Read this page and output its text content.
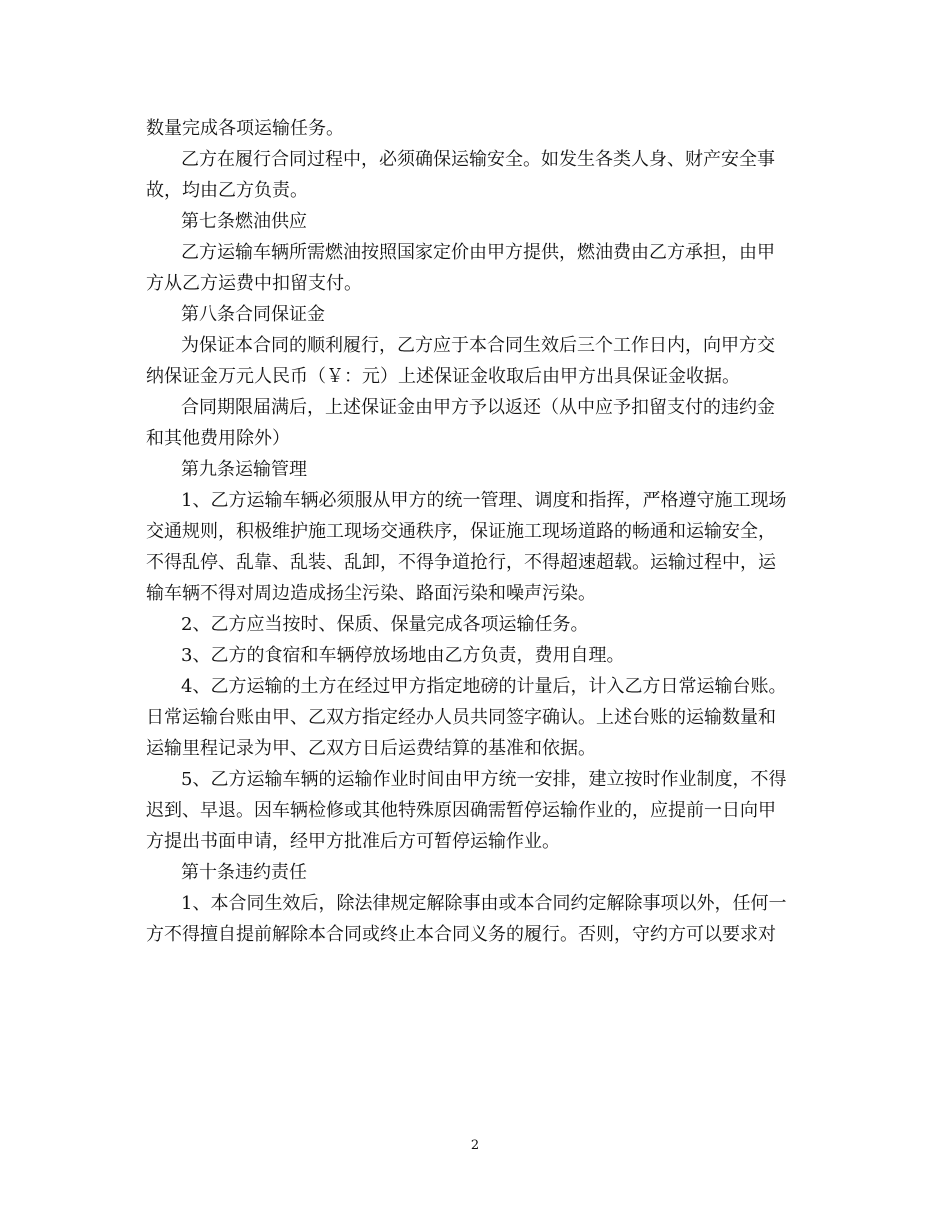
数量完成各项运输任务。
乙方在履行合同过程中，必须确保运输安全。如发生各类人身、财产安全事
故，均由乙方负责。
第七条燃油供应
乙方运输车辆所需燃油按照国家定价由甲方提供，燃油费由乙方承担，由甲
方从乙方运费中扣留支付。
第八条合同保证金
为保证本合同的顺利履行，乙方应于本合同生效后三个工作日内，向甲方交
纳保证金万元人民币（￥：元）上述保证金收取后由甲方出具保证金收据。
合同期限届满后，上述保证金由甲方予以返还（从中应予扣留支付的违约金
和其他费用除外）
第九条运输管理
1、乙方运输车辆必须服从甲方的统一管理、调度和指挥，严格遵守施工现场
交通规则，积极维护施工现场交通秩序，保证施工现场道路的畅通和运输安全，
不得乱停、乱靠、乱装、乱卸，不得争道抢行，不得超速超载。运输过程中，运
输车辆不得对周边造成扬尘污染、路面污染和噪声污染。
2、乙方应当按时、保质、保量完成各项运输任务。
3、乙方的食宿和车辆停放场地由乙方负责，费用自理。
4、乙方运输的土方在经过甲方指定地磅的计量后，计入乙方日常运输台账。
日常运输台账由甲、乙双方指定经办人员共同签字确认。上述台账的运输数量和
运输里程记录为甲、乙双方日后运费结算的基准和依据。
5、乙方运输车辆的运输作业时间由甲方统一安排，建立按时作业制度，不得
迟到、早退。因车辆检修或其他特殊原因确需暂停运输作业的，应提前一日向甲
方提出书面申请，经甲方批准后方可暂停运输作业。
第十条违约责任
1、本合同生效后，除法律规定解除事由或本合同约定解除事项以外，任何一
方不得擅自提前解除本合同或终止本合同义务的履行。否则，守约方可以要求对
2
